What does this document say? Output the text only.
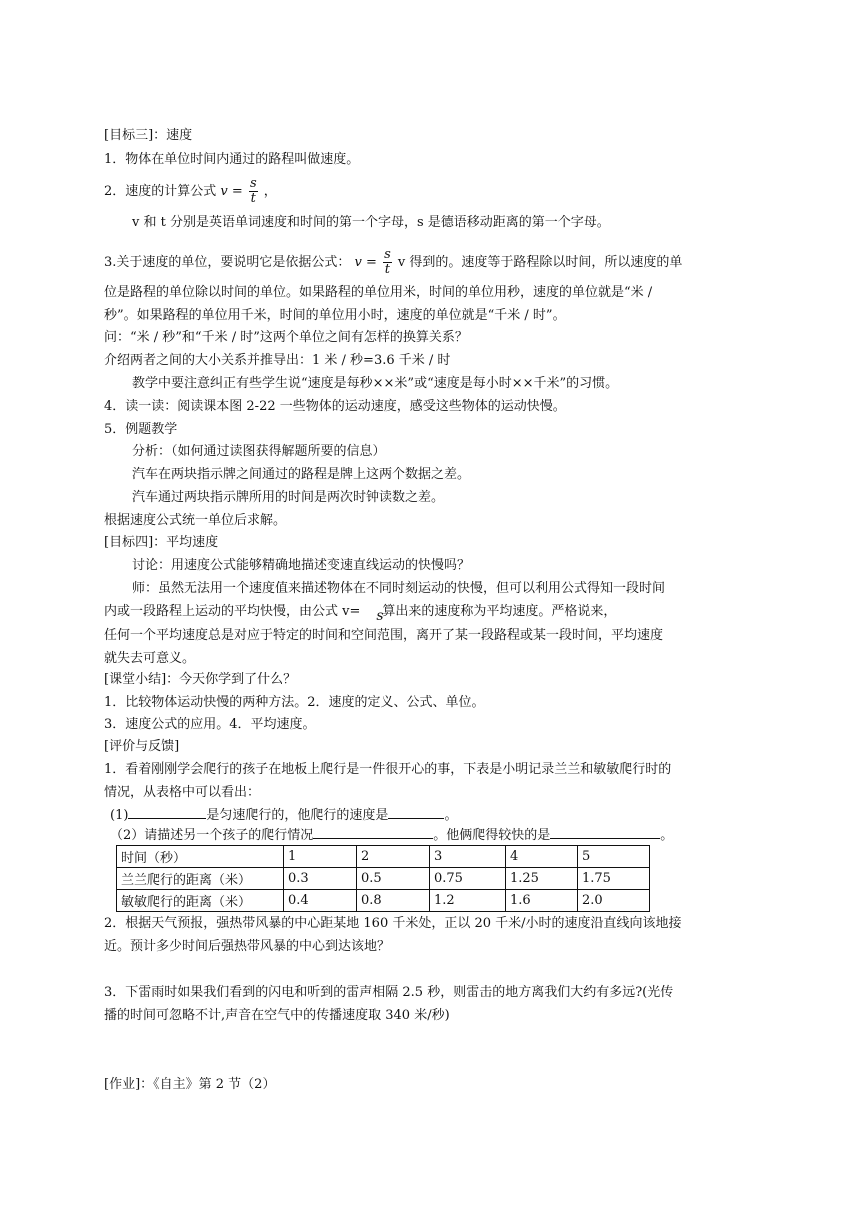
[目标三]：速度
1．物体在单位时间内通过的路程叫做速度。
2．速度的计算公式 $v = \frac{s}{t}$ ，
v 和 t 分别是英语单词速度和时间的第一个字母，s 是德语移动距离的第一个字母。
3.关于速度的单位，要说明它是依据公式： $v = \frac{s}{t}$ v 得到的。速度等于路程除以时间，所以速度的单
位是路程的单位除以时间的单位。如果路程的单位用米，时间的单位用秒，速度的单位就是“米 /
秒”。如果路程的单位用千米，时间的单位用小时，速度的单位就是“千米 / 时”。
问：“米 / 秒”和“千米 / 时”这两个单位之间有怎样的换算关系？
介绍两者之间的大小关系并推导出：1 米 / 秒=3.6 千米 / 时
教学中要注意纠正有些学生说“速度是每秒××米”或“速度是每小时××千米”的习惯。
4．读一读：阅读课本图 2-22 一些物体的运动速度，感受这些物体的运动快慢。
5．例题教学
分析：（如何通过读图获得解题所要的信息）
汽车在两块指示牌之间通过的路程是牌上这两个数据之差。
汽车通过两块指示牌所用的时间是两次时钟读数之差。
根据速度公式统一单位后求解。
[目标四]：平均速度
讨论：用速度公式能够精确地描述变速直线运动的快慢吗？
师：虽然无法用一个速度值来描述物体在不同时刻运动的快慢，但可以利用公式得知一段时间
内或一段路程上运动的平均快慢，由公式 v= s
算出来的速度称为平均速度。严格说来，
任何一个平均速度总是对应于特定的时间和空间范围，离开了某一段路程或某一段时间，平均速度
就失去可意义。
[课堂小结]：今天你学到了什么？
1．比较物体运动快慢的两种方法。2．速度的定义、公式、单位。
3．速度公式的应用。4．平均速度。
[评价与反馈]
1．看着刚刚学会爬行的孩子在地板上爬行是一件很开心的事，下表是小明记录兰兰和敏敏爬行时的
情况，从表格中可以看出：
(1)	是匀速爬行的，他爬行的速度是	。
（2）请描述另一个孩子的爬行情况	。他俩爬得较快的是	。
时间（秒）	1	2	3	4	5
兰兰爬行的距离（米）	0.3	0.5	0.75	1.25	1.75
敏敏爬行的距离（米）	0.4	0.8	1.2	1.6	2.0
2．根据天气预报，强热带风暴的中心距某地 160 千米处，正以 20 千米/小时的速度沿直线向该地接
近。预计多少时间后强热带风暴的中心到达该地？
3．下雷雨时如果我们看到的闪电和听到的雷声相隔 2.5 秒，则雷击的地方离我们大约有多远?(光传
播的时间可忽略不计,声音在空气中的传播速度取 340 米/秒)
[作业]：《自主》第 2 节（2）
